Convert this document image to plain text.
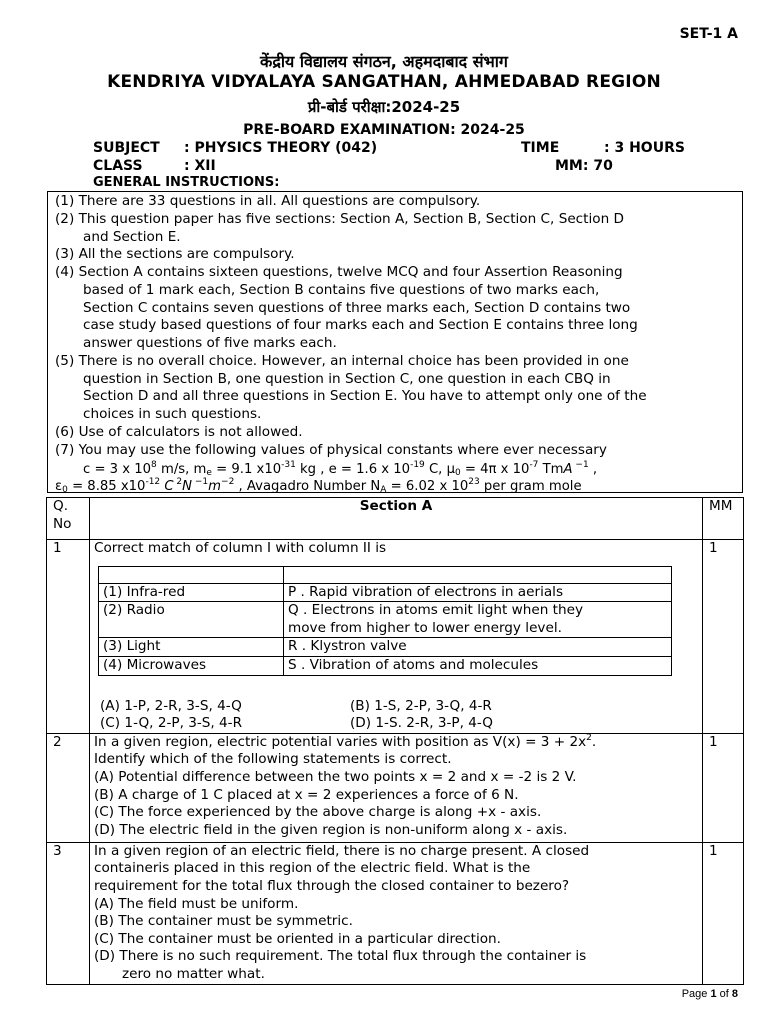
SET-1 A
केंद्रीय विद्यालय संगठन, अहमदाबाद संभाग
KENDRIYA VIDYALAYA SANGATHAN, AHMEDABAD REGION
प्री-बोर्ड परीक्षा:2024-25
PRE-BOARD EXAMINATION: 2024-25
SUBJECT : PHYSICS THEORY (042)	TIME	: 3 HOURS
CLASS	: XII	MM: 70
GENERAL INSTRUCTIONS:
(1) There are 33 questions in all. All questions are compulsory.
(2) This question paper has five sections: Section A, Section B, Section C, Section D
and Section E.
(3) All the sections are compulsory.
(4) Section A contains sixteen questions, twelve MCQ and four Assertion Reasoning
based of 1 mark each, Section B contains five questions of two marks each,
Section C contains seven questions of three marks each, Section D contains two
case study based questions of four marks each and Section E contains three long
answer questions of five marks each.
(5) There is no overall choice. However, an internal choice has been provided in one
question in Section B, one question in Section C, one question in each CBQ in
Section D and all three questions in Section E. You have to attempt only one of the
choices in such questions.
(6) Use of calculators is not allowed.
(7) You may use the following values of physical constants where ever necessary
c = 3 x $10^8$ m/s, $m_e = 9.1$ $x10^{-31}$ kg , e = 1.6 x $10^{-19}$ C, $\mu_0 = 4\pi$ x $10^{-7}$ TmA $^{-1}$ ,
$\varepsilon_0 = 8.85$ $x10^{-12}$ C $^2$N $^{-1}m^{-2}$ , Avagadro Number $N_A = 6.02$ x $10^{23}$ per gram mole
Q.
No
	Section A	MM
1	Correct match of column I with column II is

(1) Infra-red	P . Rapid vibration of electrons in aerials
(2) Radio	Q . Electrons in atoms emit light when they
	move from higher to lower energy level.
(3) Light	R . Klystron valve
(4) Microwaves	S . Vibration of atoms and molecules
(A) 1-P, 2-R, 3-S, 4-Q	(B) 1-S, 2-P, 3-Q, 4-R
(C) 1-Q, 2-P, 3-S, 4-R	(D) 1-S. 2-R, 3-P, 4-Q
	1
2	In a given region, electric potential varies with position as $V(x) = 3 + 2x^2$.
Identify which of the following statements is correct.
(A) Potential difference between the two points x = 2 and x = -2 is 2 V.
(B) A charge of 1 C placed at x = 2 experiences a force of 6 N.
(C) The force experienced by the above charge is along +x - axis.
(D) The electric field in the given region is non-uniform along x - axis.
	1
3	In a given region of an electric field, there is no charge present. A closed
containeris placed in this region of the electric field. What is the
requirement for the total flux through the closed container to bezero?
(A) The field must be uniform.
(B) The container must be symmetric.
(C) The container must be oriented in a particular direction.
(D) There is no such requirement. The total flux through the container is
zero no matter what.
	1
Page 1 of 8
